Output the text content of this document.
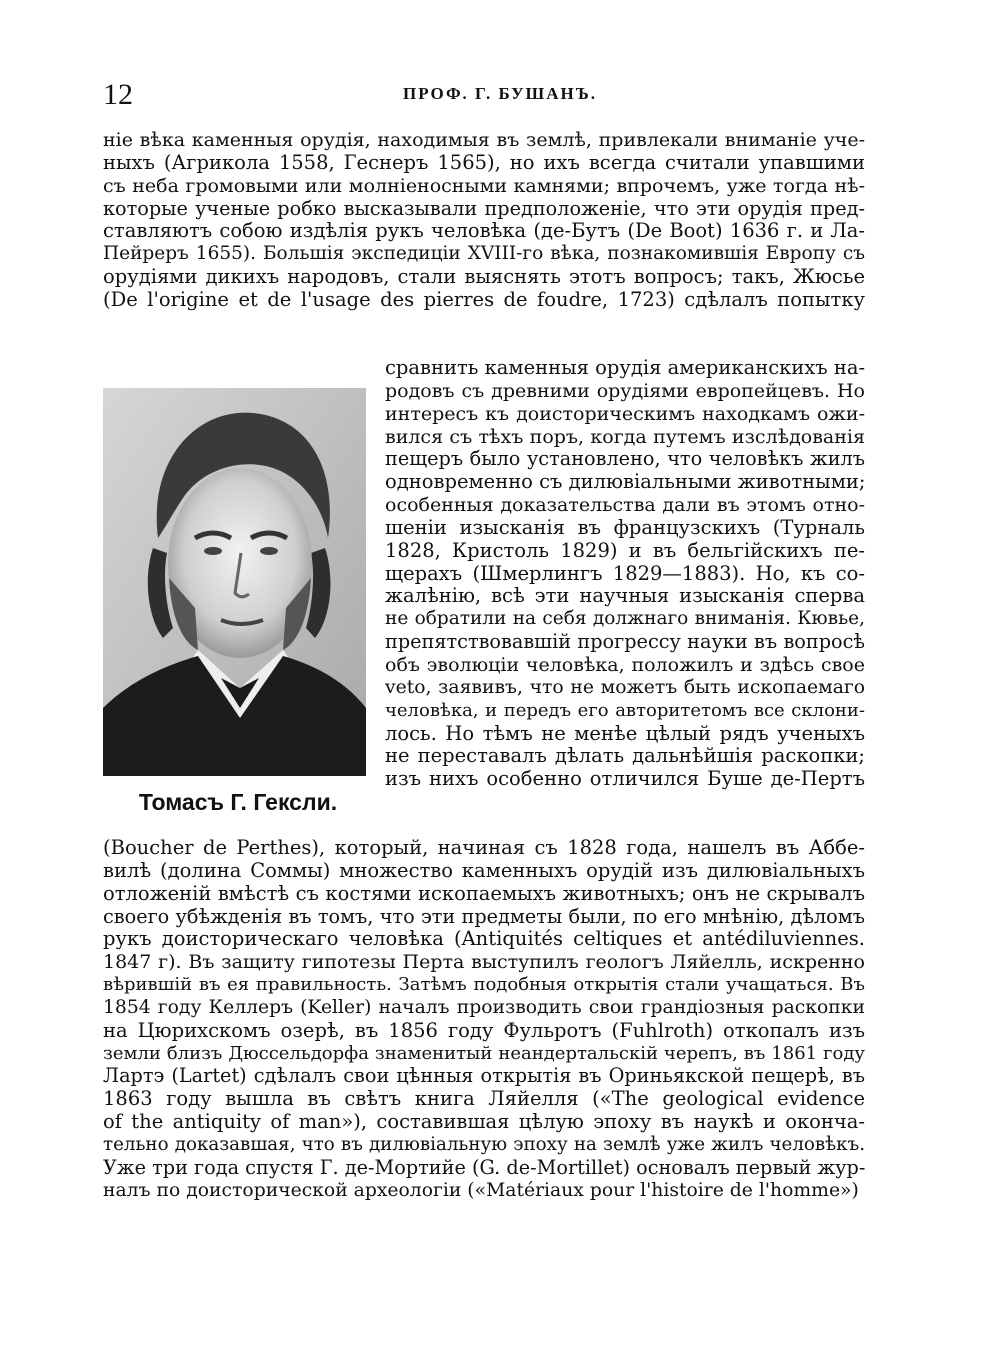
12	ПРОФ. Г. БУШАНЪ.
ніе вѣка каменныя орудія, находимыя въ землѣ, привлекали вниманіе уче-
ныхъ (Агрикола 1558, Геснеръ 1565), но ихъ всегда считали упавшими
съ неба громовыми или молніеносными камнями; впрочемъ, уже тогда нѣ-
которые ученые робко высказывали предположеніе, что эти орудія пред-
ставляютъ собою издѣлія рукъ человѣка (де-Бутъ (De Boot) 1636 г. и Ла-
Пейреръ 1655). Большія экспедиціи XVIII-го вѣка, познакомившія Европу съ
орудіями дикихъ народовъ, стали выяснять этотъ вопросъ; такъ, Жюсье
(De l'origine et de l'usage des pierres de foudre, 1723) сдѣлалъ попытку
Томасъ Г. Гексли.
сравнить каменныя орудія американскихъ на-
родовъ съ древними орудіями европейцевъ. Но
интересъ къ доисторическимъ находкамъ ожи-
вился съ тѣхъ поръ, когда путемъ изслѣдованія
пещеръ было установлено, что человѣкъ жилъ
одновременно съ дилювіальными животными;
особенныя доказательства дали въ этомъ отно-
шеніи изысканія въ французскихъ (Турналь
1828, Кристоль 1829) и въ бельгійскихъ пе-
щерахъ (Шмерлингъ 1829—1883). Но, къ со-
жалѣнію, всѣ эти научныя изысканія сперва
не обратили на себя должнаго вниманія. Кювье,
препятствовавшій прогрессу науки въ вопросѣ
объ эволюціи человѣка, положилъ и здѣсь свое
veto, заявивъ, что не можетъ быть ископаемаго
человѣка, и передъ его авторитетомъ все склони-
лось. Но тѣмъ не менѣе цѣлый рядъ ученыхъ
не переставалъ дѣлать дальнѣйшія раскопки;
изъ нихъ особенно отличился Буше де-Пертъ
(Boucher de Perthes), который, начиная съ 1828 года, нашелъ въ Аббе-
вилѣ (долина Соммы) множество каменныхъ орудій изъ дилювіальныхъ
отложеній вмѣстѣ съ костями ископаемыхъ животныхъ; онъ не скрывалъ
своего убѣжденія въ томъ, что эти предметы были, по его мнѣнію, дѣломъ
рукъ доисторическаго человѣка (Antiquités celtiques et antédiluviennes.
1847 г). Въ защиту гипотезы Перта выступилъ геологъ Ляйелль, искренно
вѣрившій въ ея правильность. Затѣмъ подобныя открытія стали учащаться. Въ
1854 году Келлеръ (Keller) началъ производить свои грандіозныя раскопки
на Цюрихскомъ озерѣ, въ 1856 году Фульротъ (Fuhlroth) откопалъ изъ
земли близъ Дюссельдорфа знаменитый неандертальскій черепъ, въ 1861 году
Лартэ (Lartet) сдѣлалъ свои цѣнныя открытія въ Ориньякской пещерѣ, въ
1863 году вышла въ свѣтъ книга Ляйелля («The geological evidence
of the antiquity of man»), составившая цѣлую эпоху въ наукѣ и оконча-
тельно доказавшая, что въ дилювіальную эпоху на землѣ уже жилъ человѣкъ.
Уже три года спустя Г. де-Мортийе (G. de-Mortillet) основалъ первый жур-
налъ по доисторической археологіи («Matériaux pour l'histoire de l'homme»)
